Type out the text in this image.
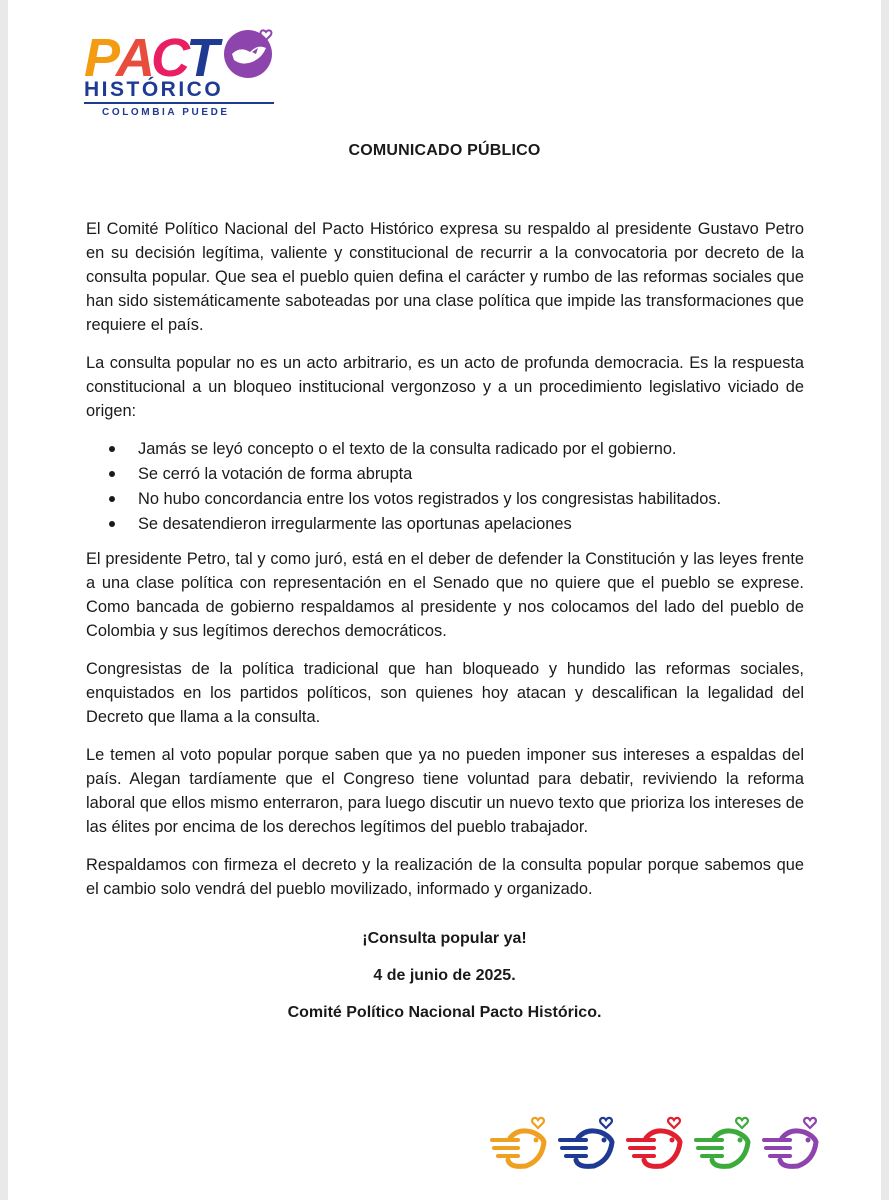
PACT
HISTÓRICO
COLOMBIA PUEDE
COMUNICADO PÚBLICO

El Comité Político Nacional del Pacto Histórico expresa su respaldo al presidente Gustavo Petro en su decisión legítima, valiente y constitucional de recurrir a la convocatoria por decreto de la consulta popular. Que sea el pueblo quien defina el carácter y rumbo de las reformas sociales que han sido sistemáticamente saboteadas por una clase política que impide las transformaciones que requiere el país.

La consulta popular no es un acto arbitrario, es un acto de profunda democracia. Es la respuesta constitucional a un bloqueo institucional vergonzoso y a un procedimiento legislativo viciado de origen:

Jamás se leyó concepto o el texto de la consulta radicado por el gobierno.
Se cerró la votación de forma abrupta
No hubo concordancia entre los votos registrados y los congresistas habilitados.
Se desatendieron irregularmente las oportunas apelaciones

El presidente Petro, tal y como juró, está en el deber de defender la Constitución y las leyes frente a una clase política con representación en el Senado que no quiere que el pueblo se exprese. Como bancada de gobierno respaldamos al presidente y nos colocamos del lado del pueblo de Colombia y sus legítimos derechos democráticos.

Congresistas de la política tradicional que han bloqueado y hundido las reformas sociales, enquistados en los partidos políticos, son quienes hoy atacan y descalifican la legalidad del Decreto que llama a la consulta.

Le temen al voto popular porque saben que ya no pueden imponer sus intereses a espaldas del país. Alegan tardíamente que el Congreso tiene voluntad para debatir, reviviendo la reforma laboral que ellos mismo enterraron, para luego discutir un nuevo texto que prioriza los intereses de las élites por encima de los derechos legítimos del pueblo trabajador.

Respaldamos con firmeza el decreto y la realización de la consulta popular porque sabemos que el cambio solo vendrá del pueblo movilizado, informado y organizado.

¡Consulta popular ya!
4 de junio de 2025.
Comité Político Nacional Pacto Histórico.
